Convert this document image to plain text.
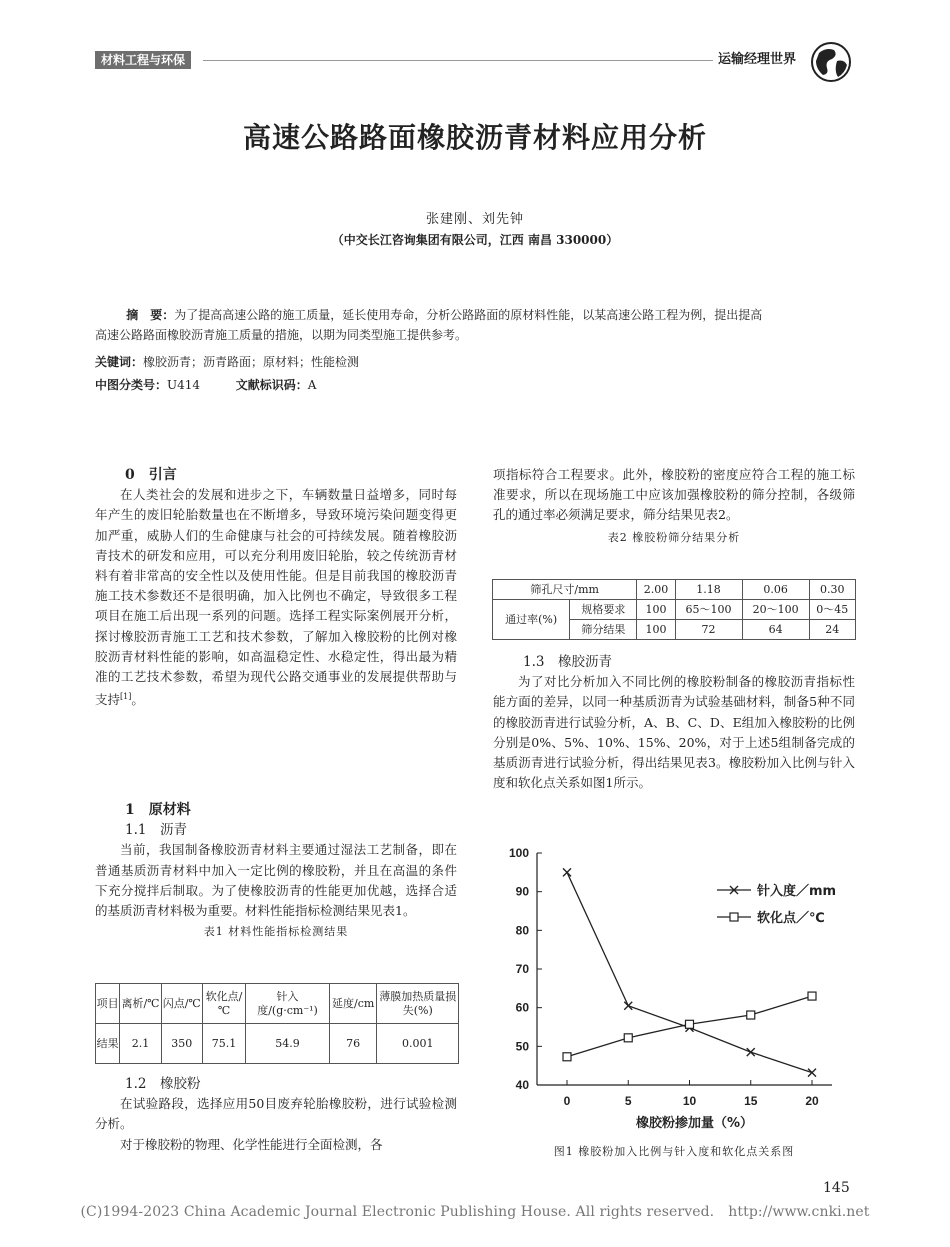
材料工程与环保	运输经理世界
高速公路路面橡胶沥青材料应用分析
张建刚、刘先钟
（中交长江咨询集团有限公司，江西 南昌 330000）
摘　要：为了提高高速公路的施工质量，延长使用寿命，分析公路路面的原材料性能，以某高速公路工程为例，提出提高
高速公路路面橡胶沥青施工质量的措施，以期为同类型施工提供参考。
关键词：橡胶沥青；沥青路面；原材料；性能检测
中图分类号：U414	文献标识码：A
0　引言

在人类社会的发展和进步之下，车辆数量日益增多，同时每年产生的废旧轮胎数量也在不断增多，导致环境污染问题变得更加严重，威胁人们的生命健康与社会的可持续发展。随着橡胶沥青技术的研发和应用，可以充分利用废旧轮胎，较之传统沥青材料有着非常高的安全性以及使用性能。但是目前我国的橡胶沥青施工技术参数还不是很明确，加入比例也不确定，导致很多工程项目在施工后出现一系列的问题。选择工程实际案例展开分析，探讨橡胶沥青施工工艺和技术参数，了解加入橡胶粉的比例对橡胶沥青材料性能的影响，如高温稳定性、水稳定性，得出最为精准的工艺技术参数，希望为现代公路交通事业的发展提供帮助与支持[1]。

1　原材料
1.1　沥青

当前，我国制备橡胶沥青材料主要通过湿法工艺制备，即在普通基质沥青材料中加入一定比例的橡胶粉，并且在高温的条件下充分搅拌后制取。为了使橡胶沥青的性能更加优越，选择合适的基质沥青材料极为重要。材料性能指标检测结果见表1。

表1 材料性能指标检测结果
项目	离析/℃	闪点/℃	软化点/℃	针入度/(g·cm⁻¹)	延度/cm	薄膜加热质量损失(%)
结果	2.1	350	75.1	54.9	76	0.001
1.2　橡胶粉

在试验路段，选择应用50目废弃轮胎橡胶粉，进行试验检测分析。

对于橡胶粉的物理、化学性能进行全面检测，各

项指标符合工程要求。此外，橡胶粉的密度应符合工程的施工标准要求，所以在现场施工中应该加强橡胶粉的筛分控制，各级筛孔的通过率必须满足要求，筛分结果见表2。

表2 橡胶粉筛分结果分析
筛孔尺寸/mm		2.00	1.18	0.06	0.30
通过率(%)	规格要求	100	65～100	20～100	0～45
	筛分结果	100	72	64	24
1.3　橡胶沥青

为了对比分析加入不同比例的橡胶粉制备的橡胶沥青指标性能方面的差异，以同一种基质沥青为试验基础材料，制备5种不同的橡胶沥青进行试验分析，A、B、C、D、E组加入橡胶粉的比例分别是0%、5%、10%、15%、20%，对于上述5组制备完成的基质沥青进行试验分析，得出结果见表3。橡胶粉加入比例与针入度和软化点关系如图1所示。

40
50
60
70
80
90
100
0	5	10	15	20
橡胶粉掺加量（%）
针入度／mm
软化点／℃
图1 橡胶粉加入比例与针入度和软化点关系图
145
(C)1994-2023 China Academic Journal Electronic Publishing House. All rights reserved.　http://www.cnki.net
